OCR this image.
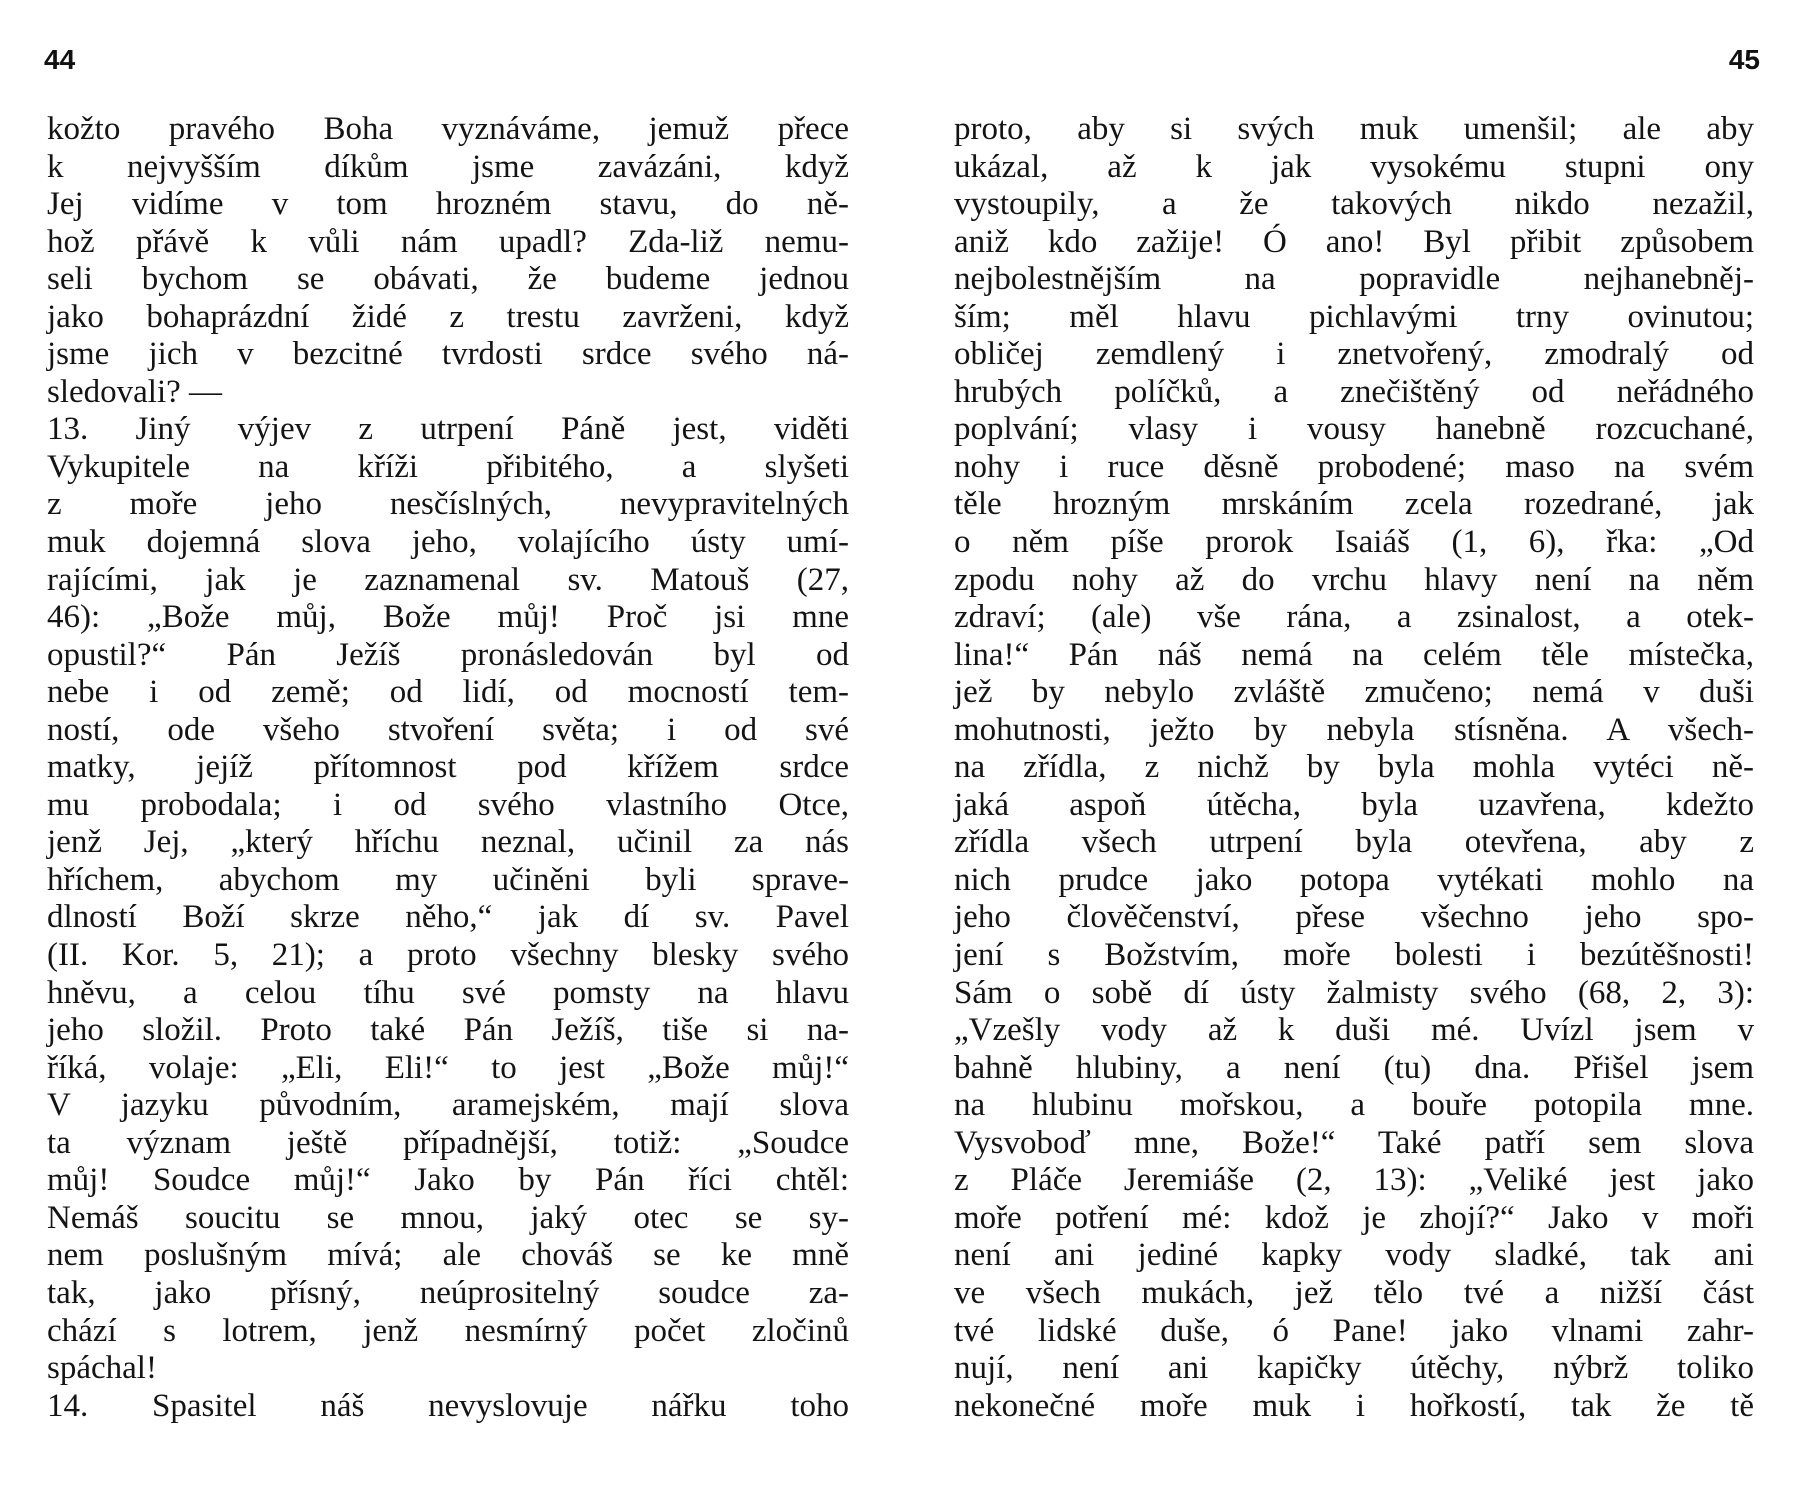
44
kožto pravého Boha vyznáváme, jemuž přece
k nejvyšším díkům jsme zavázáni, když
Jej vidíme v tom hrozném stavu, do ně-
hož přávě k vůli nám upadl? Zda-liž nemu-
seli bychom se obávati, že budeme jednou
jako bohaprázdní židé z trestu zavrženi, když
jsme jich v bezcitné tvrdosti srdce svého ná-
sledovali? —
13. Jiný výjev z utrpení Páně jest, viděti
Vykupitele na kříži přibitého, a slyšeti
z moře jeho nesčíslných, nevypravitelných
muk dojemná slova jeho, volajícího ústy umí-
rajícími, jak je zaznamenal sv. Matouš (27,
46): „Bože můj, Bože můj! Proč jsi mne
opustil?“ Pán Ježíš pronásledován byl od
nebe i od země; od lidí, od mocností tem-
ností, ode všeho stvoření světa; i od své
matky, jejíž přítomnost pod křížem srdce
mu probodala; i od svého vlastního Otce,
jenž Jej, „který hříchu neznal, učinil za nás
hříchem, abychom my učiněni byli sprave-
dlností Boží skrze něho,“ jak dí sv. Pavel
(II. Kor. 5, 21); a proto všechny blesky svého
hněvu, a celou tíhu své pomsty na hlavu
jeho složil. Proto také Pán Ježíš, tiše si na-
říká, volaje: „Eli, Eli!“ to jest „Bože můj!“
V jazyku původním, aramejském, mají slova
ta význam ještě případnější, totiž: „Soudce
můj! Soudce můj!“ Jako by Pán říci chtěl:
Nemáš soucitu se mnou, jaký otec se sy-
nem poslušným mívá; ale chováš se ke mně
tak, jako přísný, neúprositelný soudce za-
chází s lotrem, jenž nesmírný počet zločinů
spáchal!
14. Spasitel náš nevyslovuje nářku toho
45
proto, aby si svých muk umenšil; ale aby
ukázal, až k jak vysokému stupni ony
vystoupily, a že takových nikdo nezažil,
aniž kdo zažije! Ó ano! Byl přibit způsobem
nejbolestnějším na popravidle nejhanebněj-
ším; měl hlavu pichlavými trny ovinutou;
obličej zemdlený i znetvořený, zmodralý od
hrubých políčků, a znečištěný od neřádného
poplvání; vlasy i vousy hanebně rozcuchané,
nohy i ruce děsně probodené; maso na svém
těle hrozným mrskáním zcela rozedrané, jak
o něm píše prorok Isaiáš (1, 6), řka: „Od
zpodu nohy až do vrchu hlavy není na něm
zdraví; (ale) vše rána, a zsinalost, a otek-
lina!“ Pán náš nemá na celém těle místečka,
jež by nebylo zvláště zmučeno; nemá v duši
mohutnosti, ježto by nebyla stísněna. A všech-
na zřídla, z nichž by byla mohla vytéci ně-
jaká aspoň útěcha, byla uzavřena, kdežto
zřídla všech utrpení byla otevřena, aby z
nich prudce jako potopa vytékati mohlo na
jeho člověčenství, přese všechno jeho spo-
jení s Božstvím, moře bolesti i bezútěšnosti!
Sám o sobě dí ústy žalmisty svého (68, 2, 3):
„Vzešly vody až k duši mé. Uvízl jsem v
bahně hlubiny, a není (tu) dna. Přišel jsem
na hlubinu mořskou, a bouře potopila mne.
Vysvoboď mne, Bože!“ Také patří sem slova
z Pláče Jeremiáše (2, 13): „Veliké jest jako
moře potření mé: kdož je zhojí?“ Jako v moři
není ani jediné kapky vody sladké, tak ani
ve všech mukách, jež tělo tvé a nižší část
tvé lidské duše, ó Pane! jako vlnami zahr-
nují, není ani kapičky útěchy, nýbrž toliko
nekonečné moře muk i hořkostí, tak že tě
